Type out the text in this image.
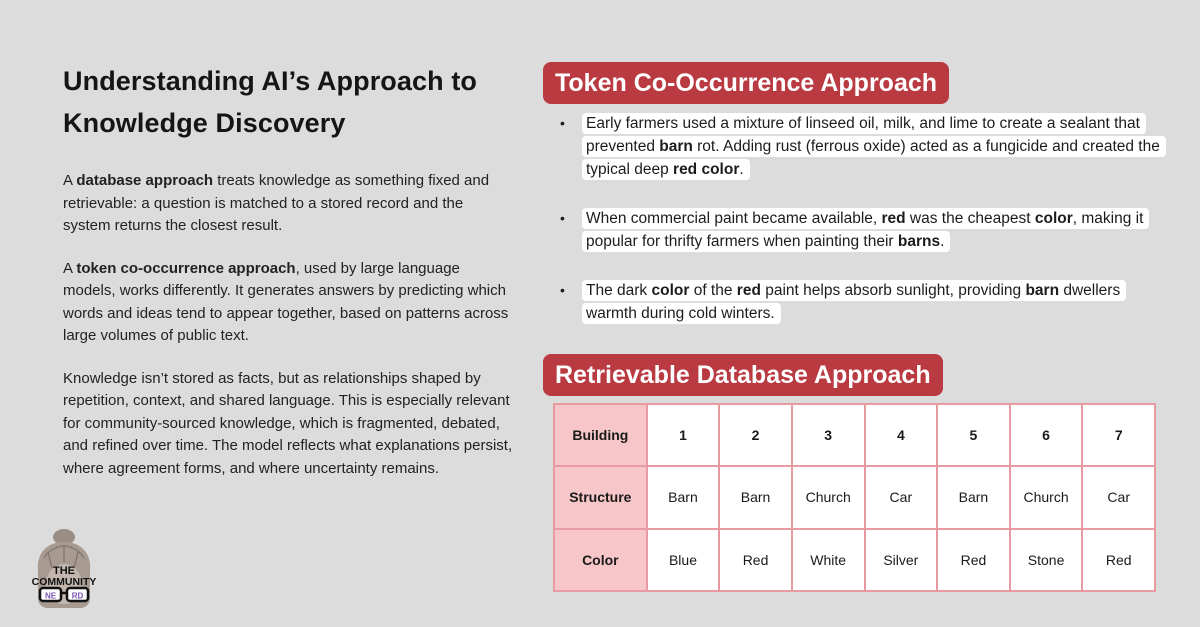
Understanding AI’s Approach to
Knowledge Discovery

A database approach treats knowledge as something fixed and retrievable: a question is matched to a stored record and the system returns the closest result.

A token co-occurrence approach, used by large language models, works differently. It generates answers by predicting which words and ideas tend to appear together, based on patterns across large volumes of public text.

Knowledge isn’t stored as facts, but as relationships shaped by repetition, context, and shared language. This is especially relevant for community-sourced knowledge, which is fragmented, debated, and refined over time. The model reflects what explanations persist, where agreement forms, and where uncertainty remains.

THE
COMMUNITY
NE RD
Token Co-Occurrence Approach
•	Early farmers used a mixture of linseed oil, milk, and lime to create a sealant that prevented barn rot. Adding rust (ferrous oxide) acted as a fungicide and created the typical deep red color.
•	When commercial paint became available, red was the cheapest color, making it popular for thrifty farmers when painting their barns.
•	The dark color of the red paint helps absorb sunlight, providing barn dwellers warmth during cold winters.
Retrievable Database Approach
Building	1	2	3	4	5	6	7
Structure	Barn	Barn	Church	Car	Barn	Church	Car
Color	Blue	Red	White	Silver	Red	Stone	Red
